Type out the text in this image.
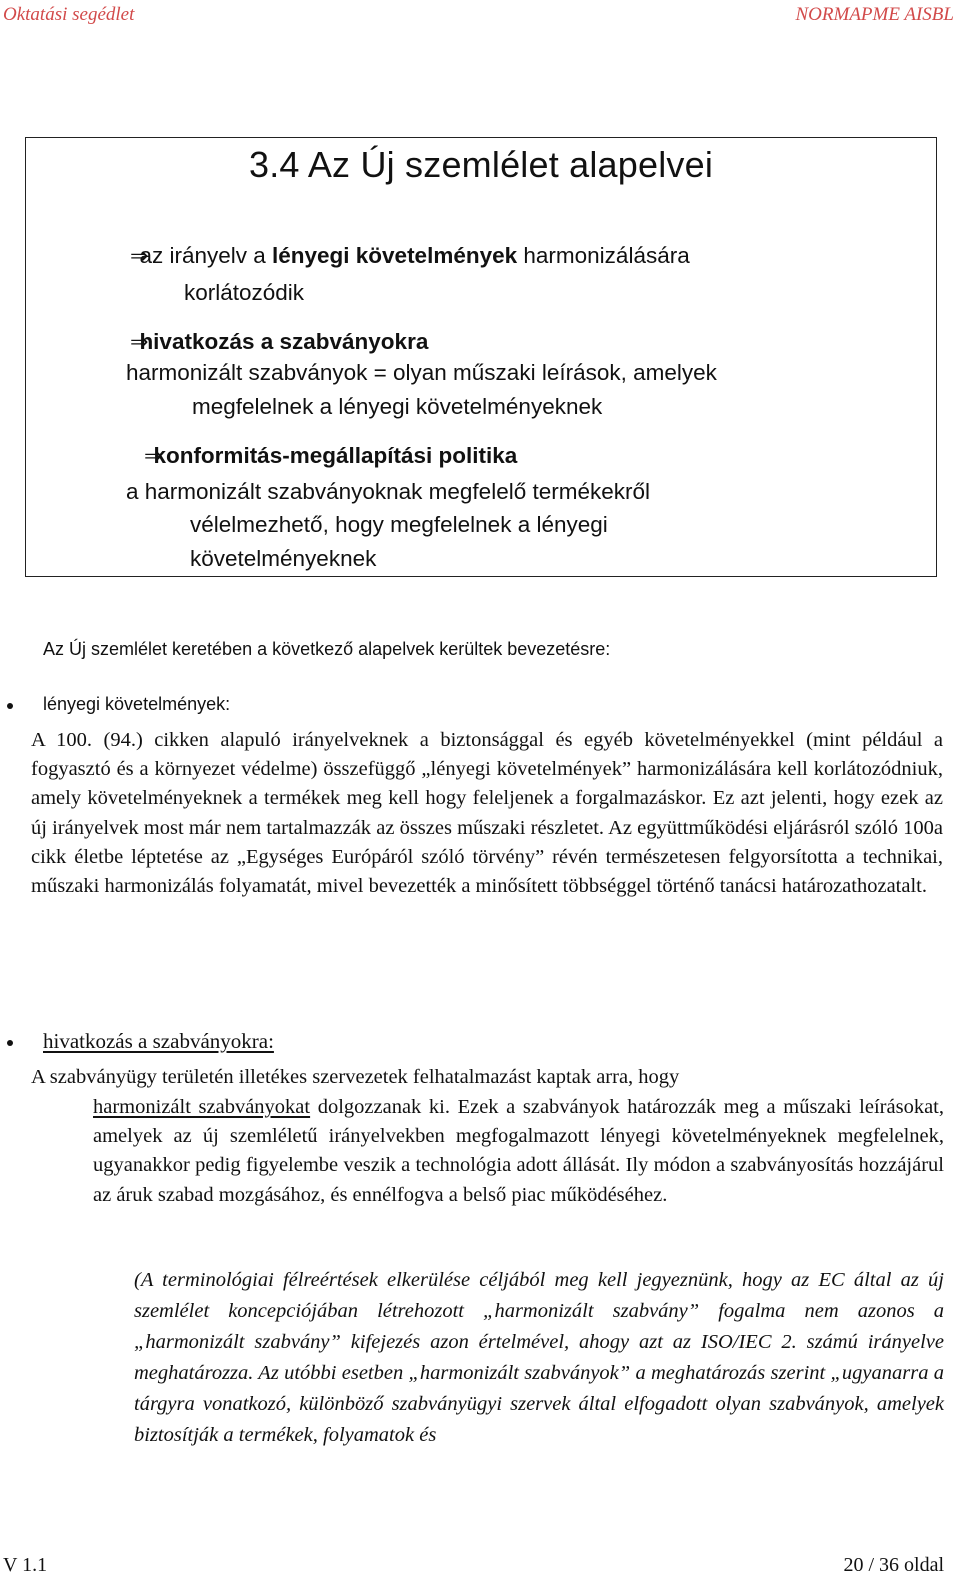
Oktatási segédlet	NORMAPME AISBL
3.4 Az Új szemlélet alapelvei
⇒az irányelv a lényegi követelmények harmonizálására
korlátozódik
⇒hivatkozás a szabványokra
harmonizált szabványok = olyan műszaki leírások, amelyek
megfelelnek a lényegi követelményeknek
⇒konformitás-megállapítási politika
a harmonizált szabványoknak megfelelő termékekről
vélelmezhető, hogy megfelelnek a lényegi
követelményeknek
Az Új szemlélet keretében a következő alapelvek kerültek bevezetésre:
lényegi követelmények:
A 100. (94.) cikken alapuló irányelveknek a biztonsággal és egyéb követelményekkel (mint például a fogyasztó és a környezet védelme) összefüggő „lényegi követelmények” harmonizálására kell korlátozódniuk, amely követelményeknek a termékek meg kell hogy feleljenek a forgalmazáskor. Ez azt jelenti, hogy ezek az új irányelvek most már nem tartalmazzák az összes műszaki részletet. Az együttműködési eljárásról szóló 100a cikk életbe léptetése az „Egységes Európáról szóló törvény” révén természetesen felgyorsította a technikai, műszaki harmonizálás folyamatát, mivel bevezették a minősített többséggel történő tanácsi határozathozatalt.
hivatkozás a szabványokra:
A szabványügy területén illetékes szervezetek felhatalmazást kaptak arra, hogy
harmonizált szabványokat dolgozzanak ki. Ezek a szabványok határozzák meg a műszaki leírásokat, amelyek az új szemléletű irányelvekben megfogalmazott lényegi követelményeknek megfelelnek, ugyanakkor pedig figyelembe veszik a technológia adott állását. Ily módon a szabványosítás hozzájárul az áruk szabad mozgásához, és ennélfogva a belső piac működéséhez.
(A terminológiai félreértések elkerülése céljából meg kell jegyeznünk, hogy az EC által az új szemlélet koncepciójában létrehozott „harmonizált szabvány” fogalma nem azonos a „harmonizált szabvány” kifejezés azon értelmével, ahogy azt az ISO/IEC 2. számú irányelve meghatározza. Az utóbbi esetben „harmonizált szabványok” a meghatározás szerint „ugyanarra a tárgyra vonatkozó, különböző szabványügyi szervek által elfogadott olyan szabványok, amelyek biztosítják a termékek, folyamatok és
V 1.1	20 / 36 oldal
